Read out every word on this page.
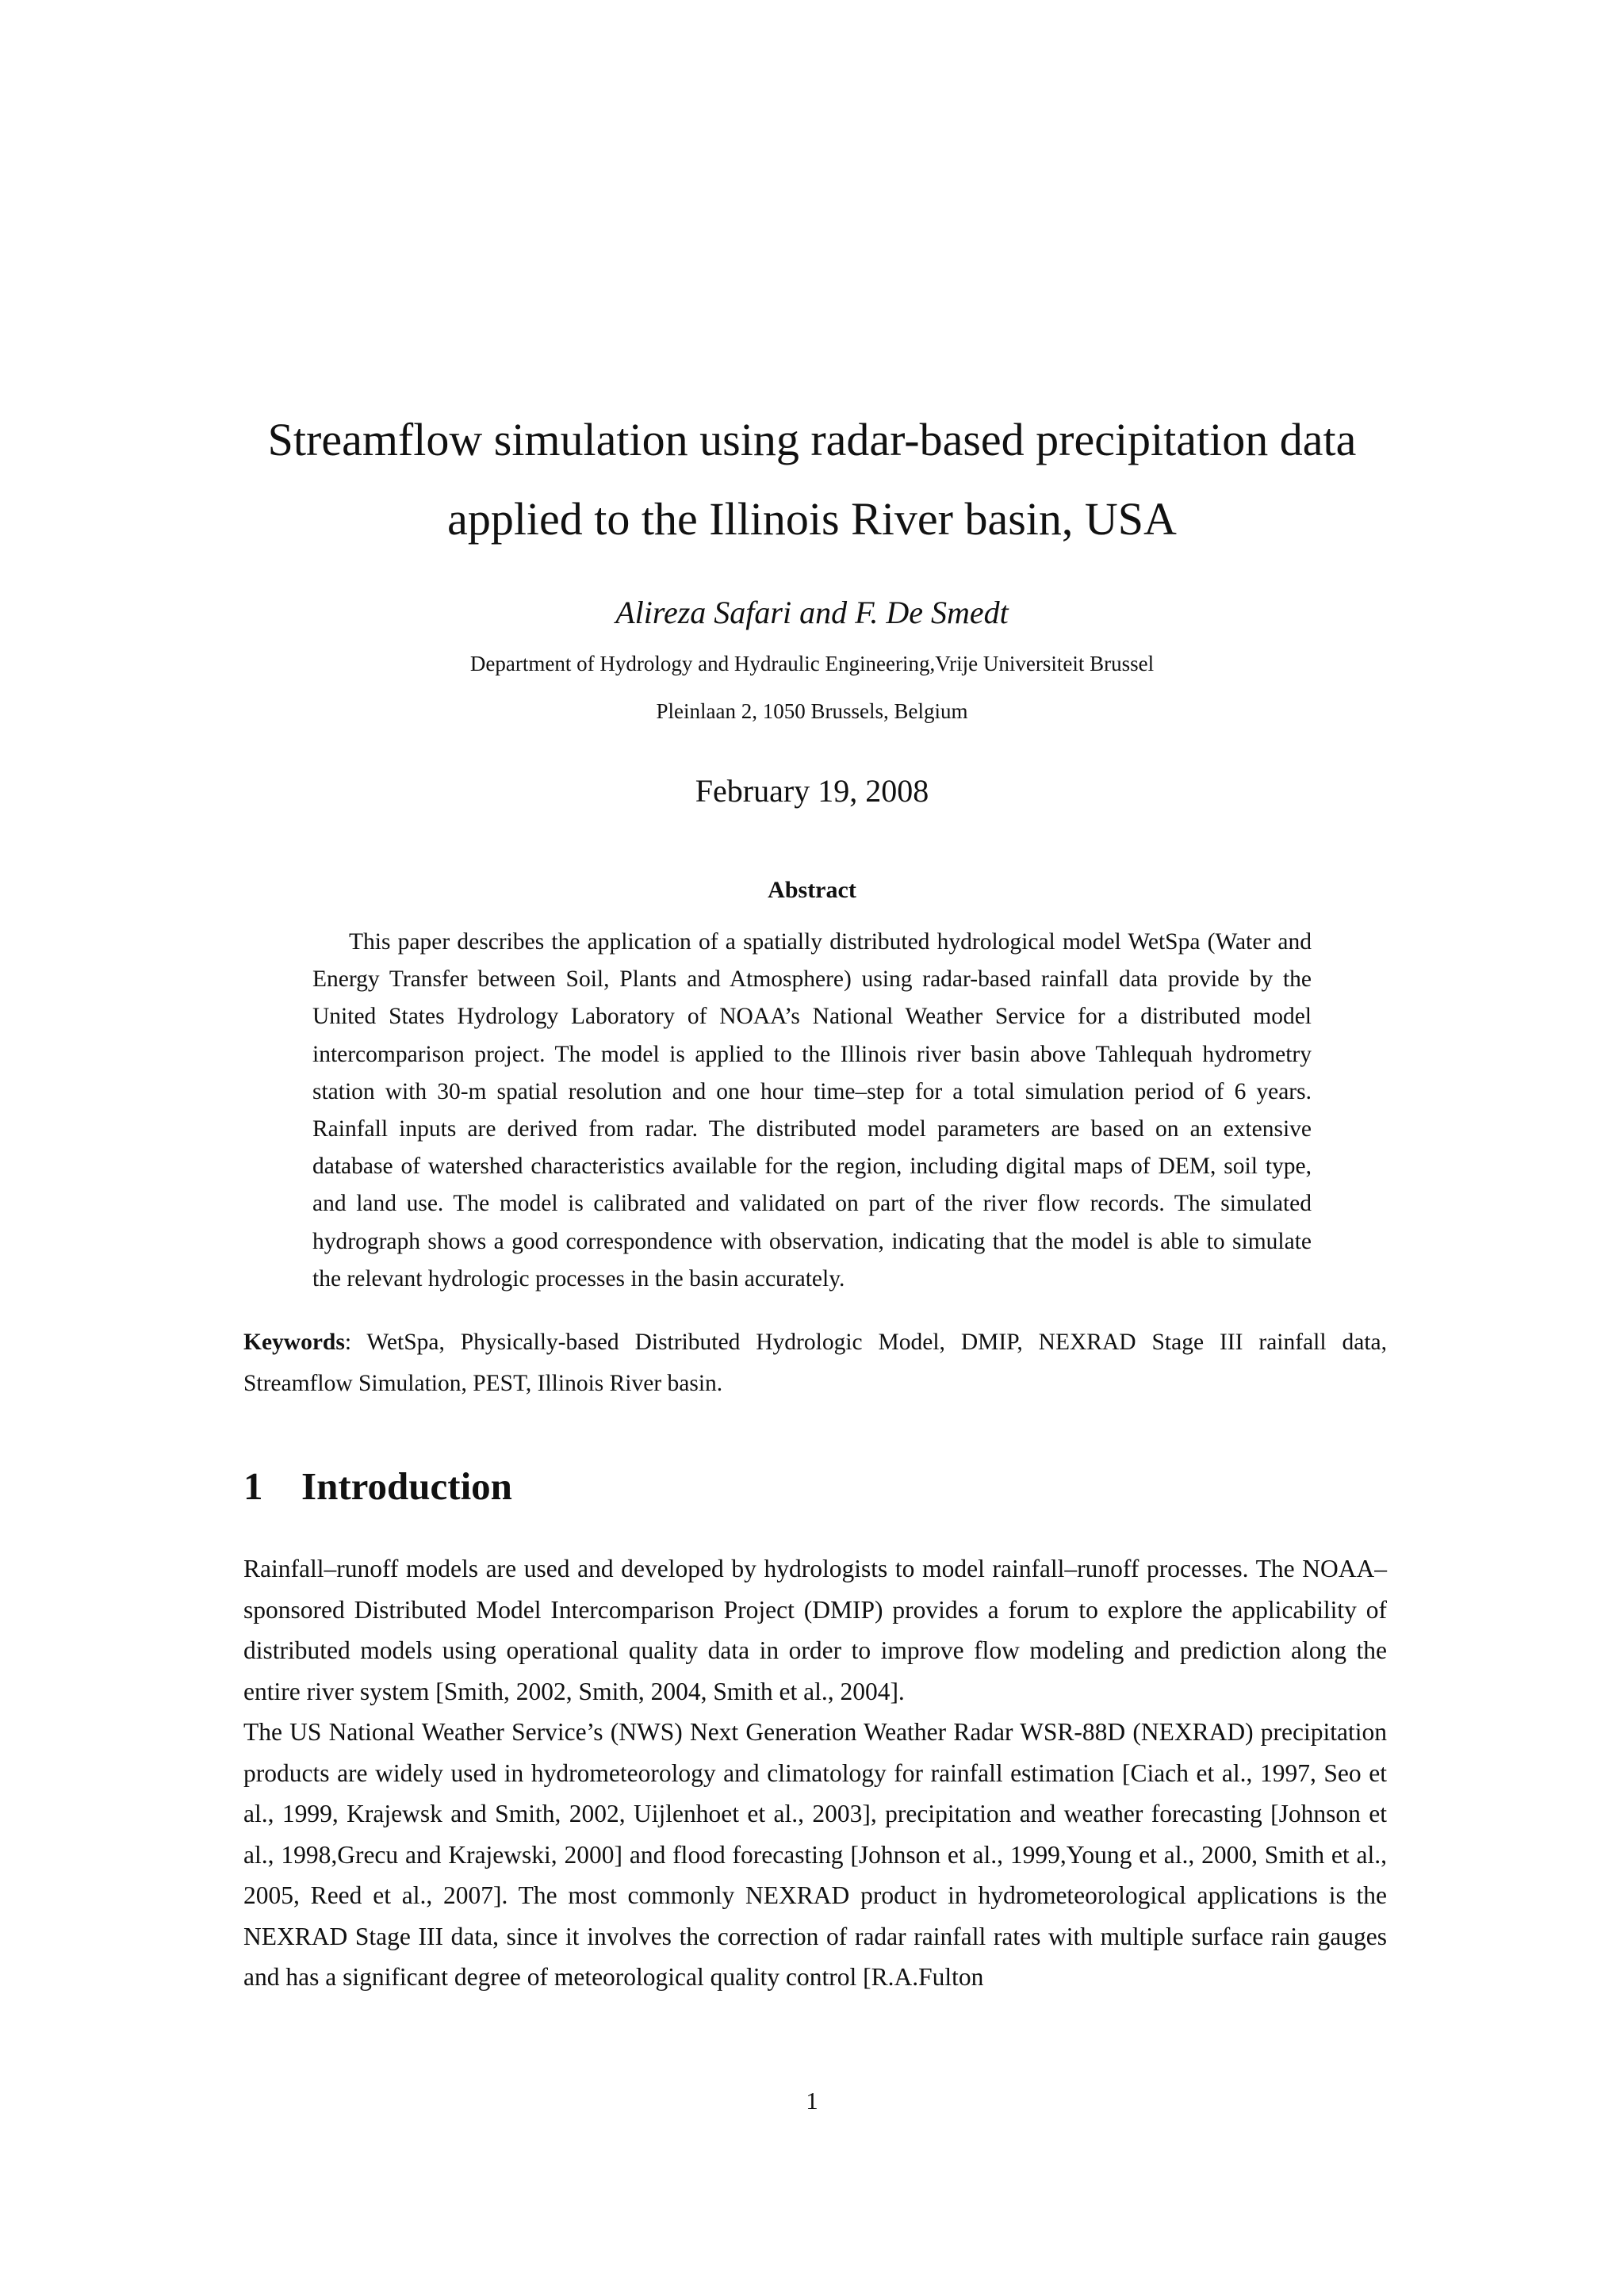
Streamflow simulation using radar-based precipitation data applied to the Illinois River basin, USA
Alireza Safari and F. De Smedt
Department of Hydrology and Hydraulic Engineering,Vrije Universiteit Brussel
Pleinlaan 2, 1050 Brussels, Belgium
February 19, 2008
Abstract

This paper describes the application of a spatially distributed hydrological model WetSpa (Water and Energy Transfer between Soil, Plants and Atmosphere) using radar-based rainfall data provide by the United States Hydrology Laboratory of NOAA’s National Weather Service for a distributed model intercomparison project. The model is applied to the Illinois river basin above Tahlequah hydrometry station with 30-m spatial resolution and one hour time–step for a total simulation period of 6 years. Rainfall inputs are derived from radar. The distributed model parameters are based on an extensive database of watershed characteristics available for the region, including digital maps of DEM, soil type, and land use. The model is calibrated and validated on part of the river flow records. The simulated hydrograph shows a good correspondence with observation, indicating that the model is able to simulate the relevant hydrologic processes in the basin accurately.

Keywords: WetSpa, Physically-based Distributed Hydrologic Model, DMIP, NEXRAD Stage III rainfall data, Streamflow Simulation, PEST, Illinois River basin.

1 Introduction

Rainfall–runoff models are used and developed by hydrologists to model rainfall–runoff processes. The NOAA–sponsored Distributed Model Intercomparison Project (DMIP) provides a forum to explore the applicability of distributed models using operational quality data in order to improve flow modeling and prediction along the entire river system [Smith, 2002, Smith, 2004, Smith et al., 2004].

The US National Weather Service’s (NWS) Next Generation Weather Radar WSR-88D (NEXRAD) precipitation products are widely used in hydrometeorology and climatology for rainfall estimation [Ciach et al., 1997, Seo et al., 1999, Krajewsk and Smith, 2002, Uijlenhoet et al., 2003], precipitation and weather forecasting [Johnson et al., 1998,Grecu and Krajewski, 2000] and flood forecasting [Johnson et al., 1999,Young et al., 2000, Smith et al., 2005, Reed et al., 2007]. The most commonly NEXRAD product in hydrometeorological applications is the NEXRAD Stage III data, since it involves the correction of radar rainfall rates with multiple surface rain gauges and has a significant degree of meteorological quality control [R.A.Fulton

1
